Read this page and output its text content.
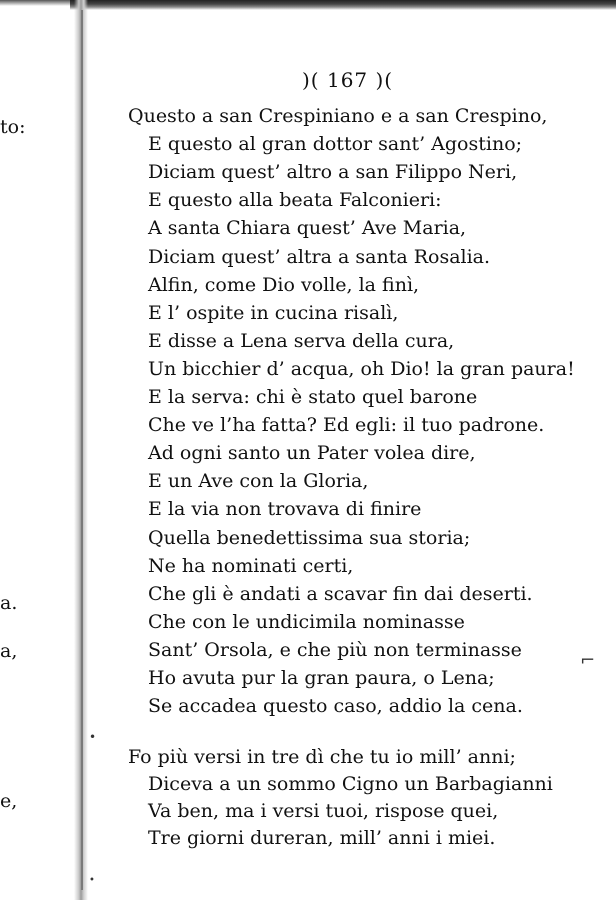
to:
a.
a,
e,
)( 167 )(
Questo a san Crespiniano e a san Crespino,
E questo al gran dottor sant’ Agostino;
Diciam quest’ altro a san Filippo Neri,
E questo alla beata Falconieri:
A santa Chiara quest’ Ave Maria,
Diciam quest’ altra a santa Rosalia.
Alfin, come Dio volle, la finì,
E l’ ospite in cucina risalì,
E disse a Lena serva della cura,
Un bicchier d’ acqua, oh Dio! la gran paura!
E la serva: chi è stato quel barone
Che ve l’ha fatta? Ed egli: il tuo padrone.
Ad ogni santo un Pater volea dire,
E un Ave con la Gloria,
E la via non trovava di finire
Quella benedettissima sua storia;
Ne ha nominati certi,
Che gli è andati a scavar fin dai deserti.
Che con le undicimila nominasse
Sant’ Orsola, e che più non terminasse
Ho avuta pur la gran paura, o Lena;
Se accadea questo caso, addio la cena.
Fo più versi in tre dì che tu io mill’ anni;
Diceva a un sommo Cigno un Barbagianni
Va ben, ma i versi tuoi, rispose quei,
Tre giorni dureran, mill’ anni i miei.
⌐
•
•
